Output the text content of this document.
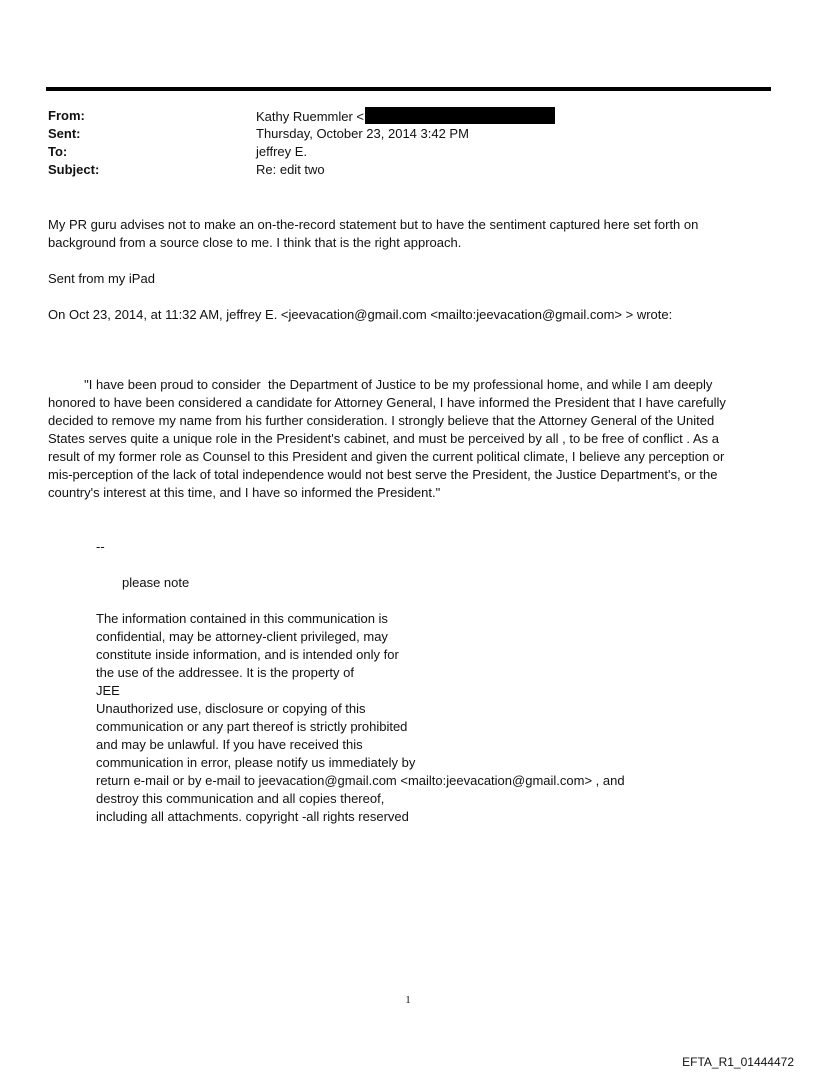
From:	Kathy Ruemmler <
Sent:	Thursday, October 23, 2014 3:42 PM
To:	jeffrey E.
Subject:	Re: edit two
My PR guru advises not to make an on-the-record statement but to have the sentiment captured here set forth on
background from a source close to me. I think that is the right approach.
Sent from my iPad
On Oct 23, 2014, at 11:32 AM, jeffrey E. <jeevacation@gmail.com <mailto:jeevacation@gmail.com> > wrote:
"I have been proud to consider  the Department of Justice to be my professional home, and while I am deeply
honored to have been considered a candidate for Attorney General, I have informed the President that I have carefully
decided to remove my name from his further consideration. I strongly believe that the Attorney General of the United
States serves quite a unique role in the President's cabinet, and must be perceived by all , to be free of conflict . As a
result of my former role as Counsel to this President and given the current political climate, I believe any perception or
mis-perception of the lack of total independence would not best serve the President, the Justice Department's, or the
country's interest at this time, and I have so informed the President."
--
please note
The information contained in this communication is
confidential, may be attorney-client privileged, may
constitute inside information, and is intended only for
the use of the addressee. It is the property of
JEE
Unauthorized use, disclosure or copying of this
communication or any part thereof is strictly prohibited
and may be unlawful. If you have received this
communication in error, please notify us immediately by
return e-mail or by e-mail to jeevacation@gmail.com <mailto:jeevacation@gmail.com> , and
destroy this communication and all copies thereof,
including all attachments. copyright -all rights reserved
1
EFTA_R1_01444472
